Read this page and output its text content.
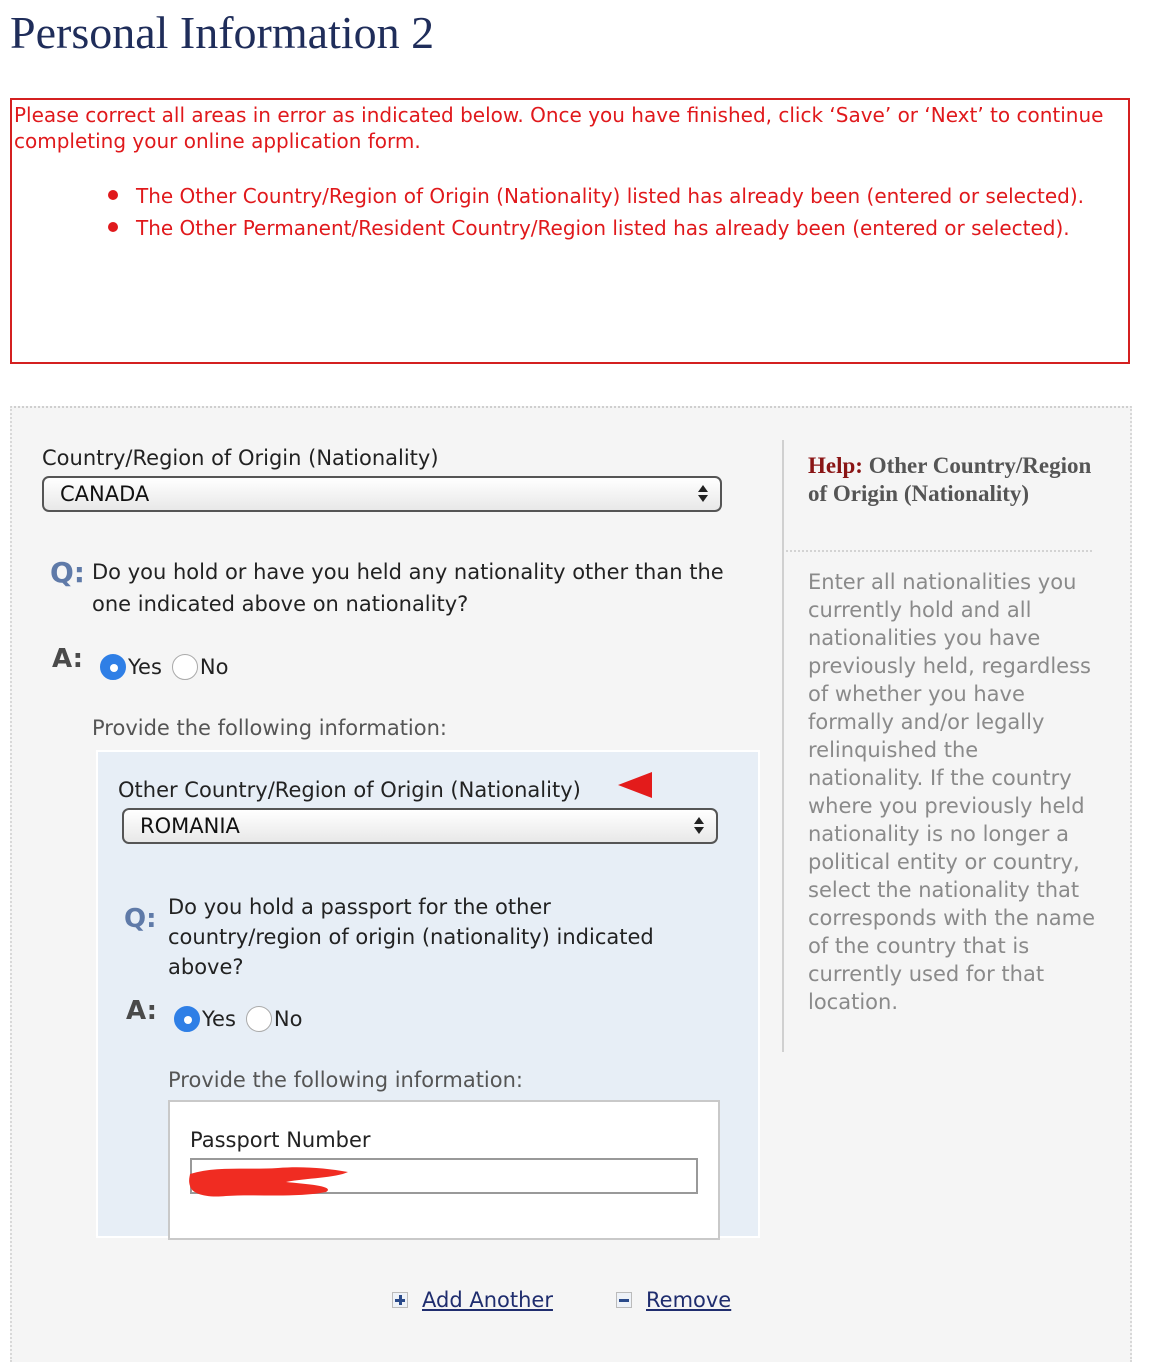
Personal Information 2

Please correct all areas in error as indicated below. Once you have finished, click ‘Save’ or ‘Next’ to continue completing your online application form.

The Other Country/Region of Origin (Nationality) listed has already been (entered or selected).
The Other Permanent/Resident Country/Region listed has already been (entered or selected).
Country/Region of Origin (Nationality)
CANADA
Q: Do you hold or have you held any nationality other than the one indicated above on nationality?
A: Yes No
Provide the following information:
Other Country/Region of Origin (Nationality)
ROMANIA
Q: Do you hold a passport for the other country/region of origin (nationality) indicated above?
A: Yes No
Provide the following information:
Passport Number
Add Another	Remove
Help: Other Country/Region of Origin (Nationality)
Enter all nationalities you currently hold and all nationalities you have previously held, regardless of whether you have formally and/or legally relinquished the nationality. If the country where you previously held nationality is no longer a political entity or country, select the nationality that corresponds with the name of the country that is currently used for that location.
